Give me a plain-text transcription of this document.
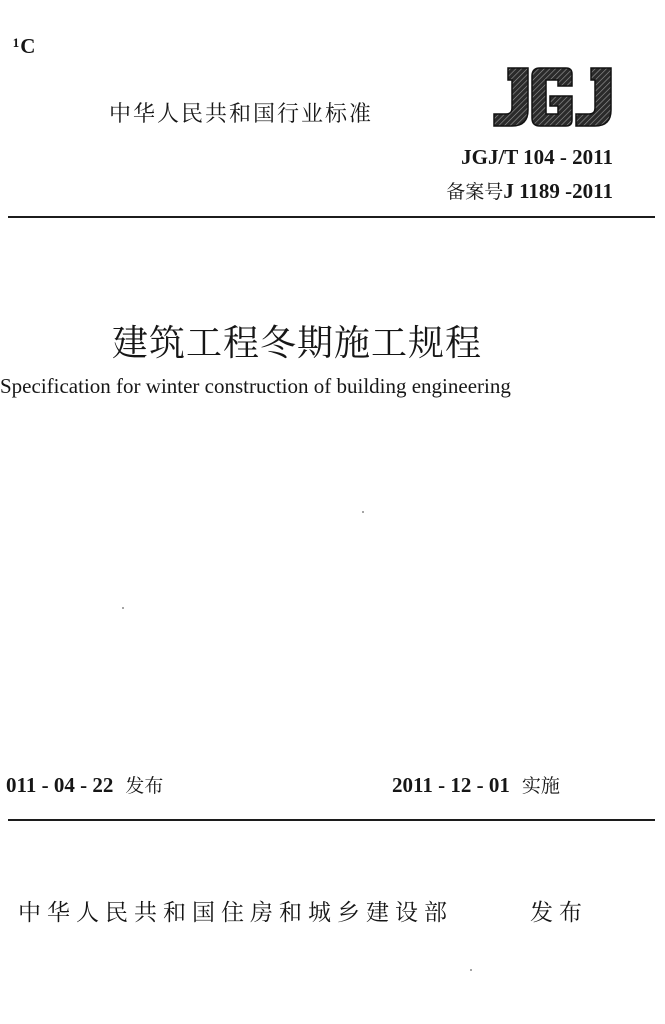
¹C
中华人民共和国行业标准
JGJ/T 104 - 2011
备案号J 1189 -2011
建筑工程冬期施工规程
Specification for winter construction of building engineering
011 - 04 - 22 发布	2011 - 12 - 01 实施
中华人民共和国住房和城乡建设部	发布
